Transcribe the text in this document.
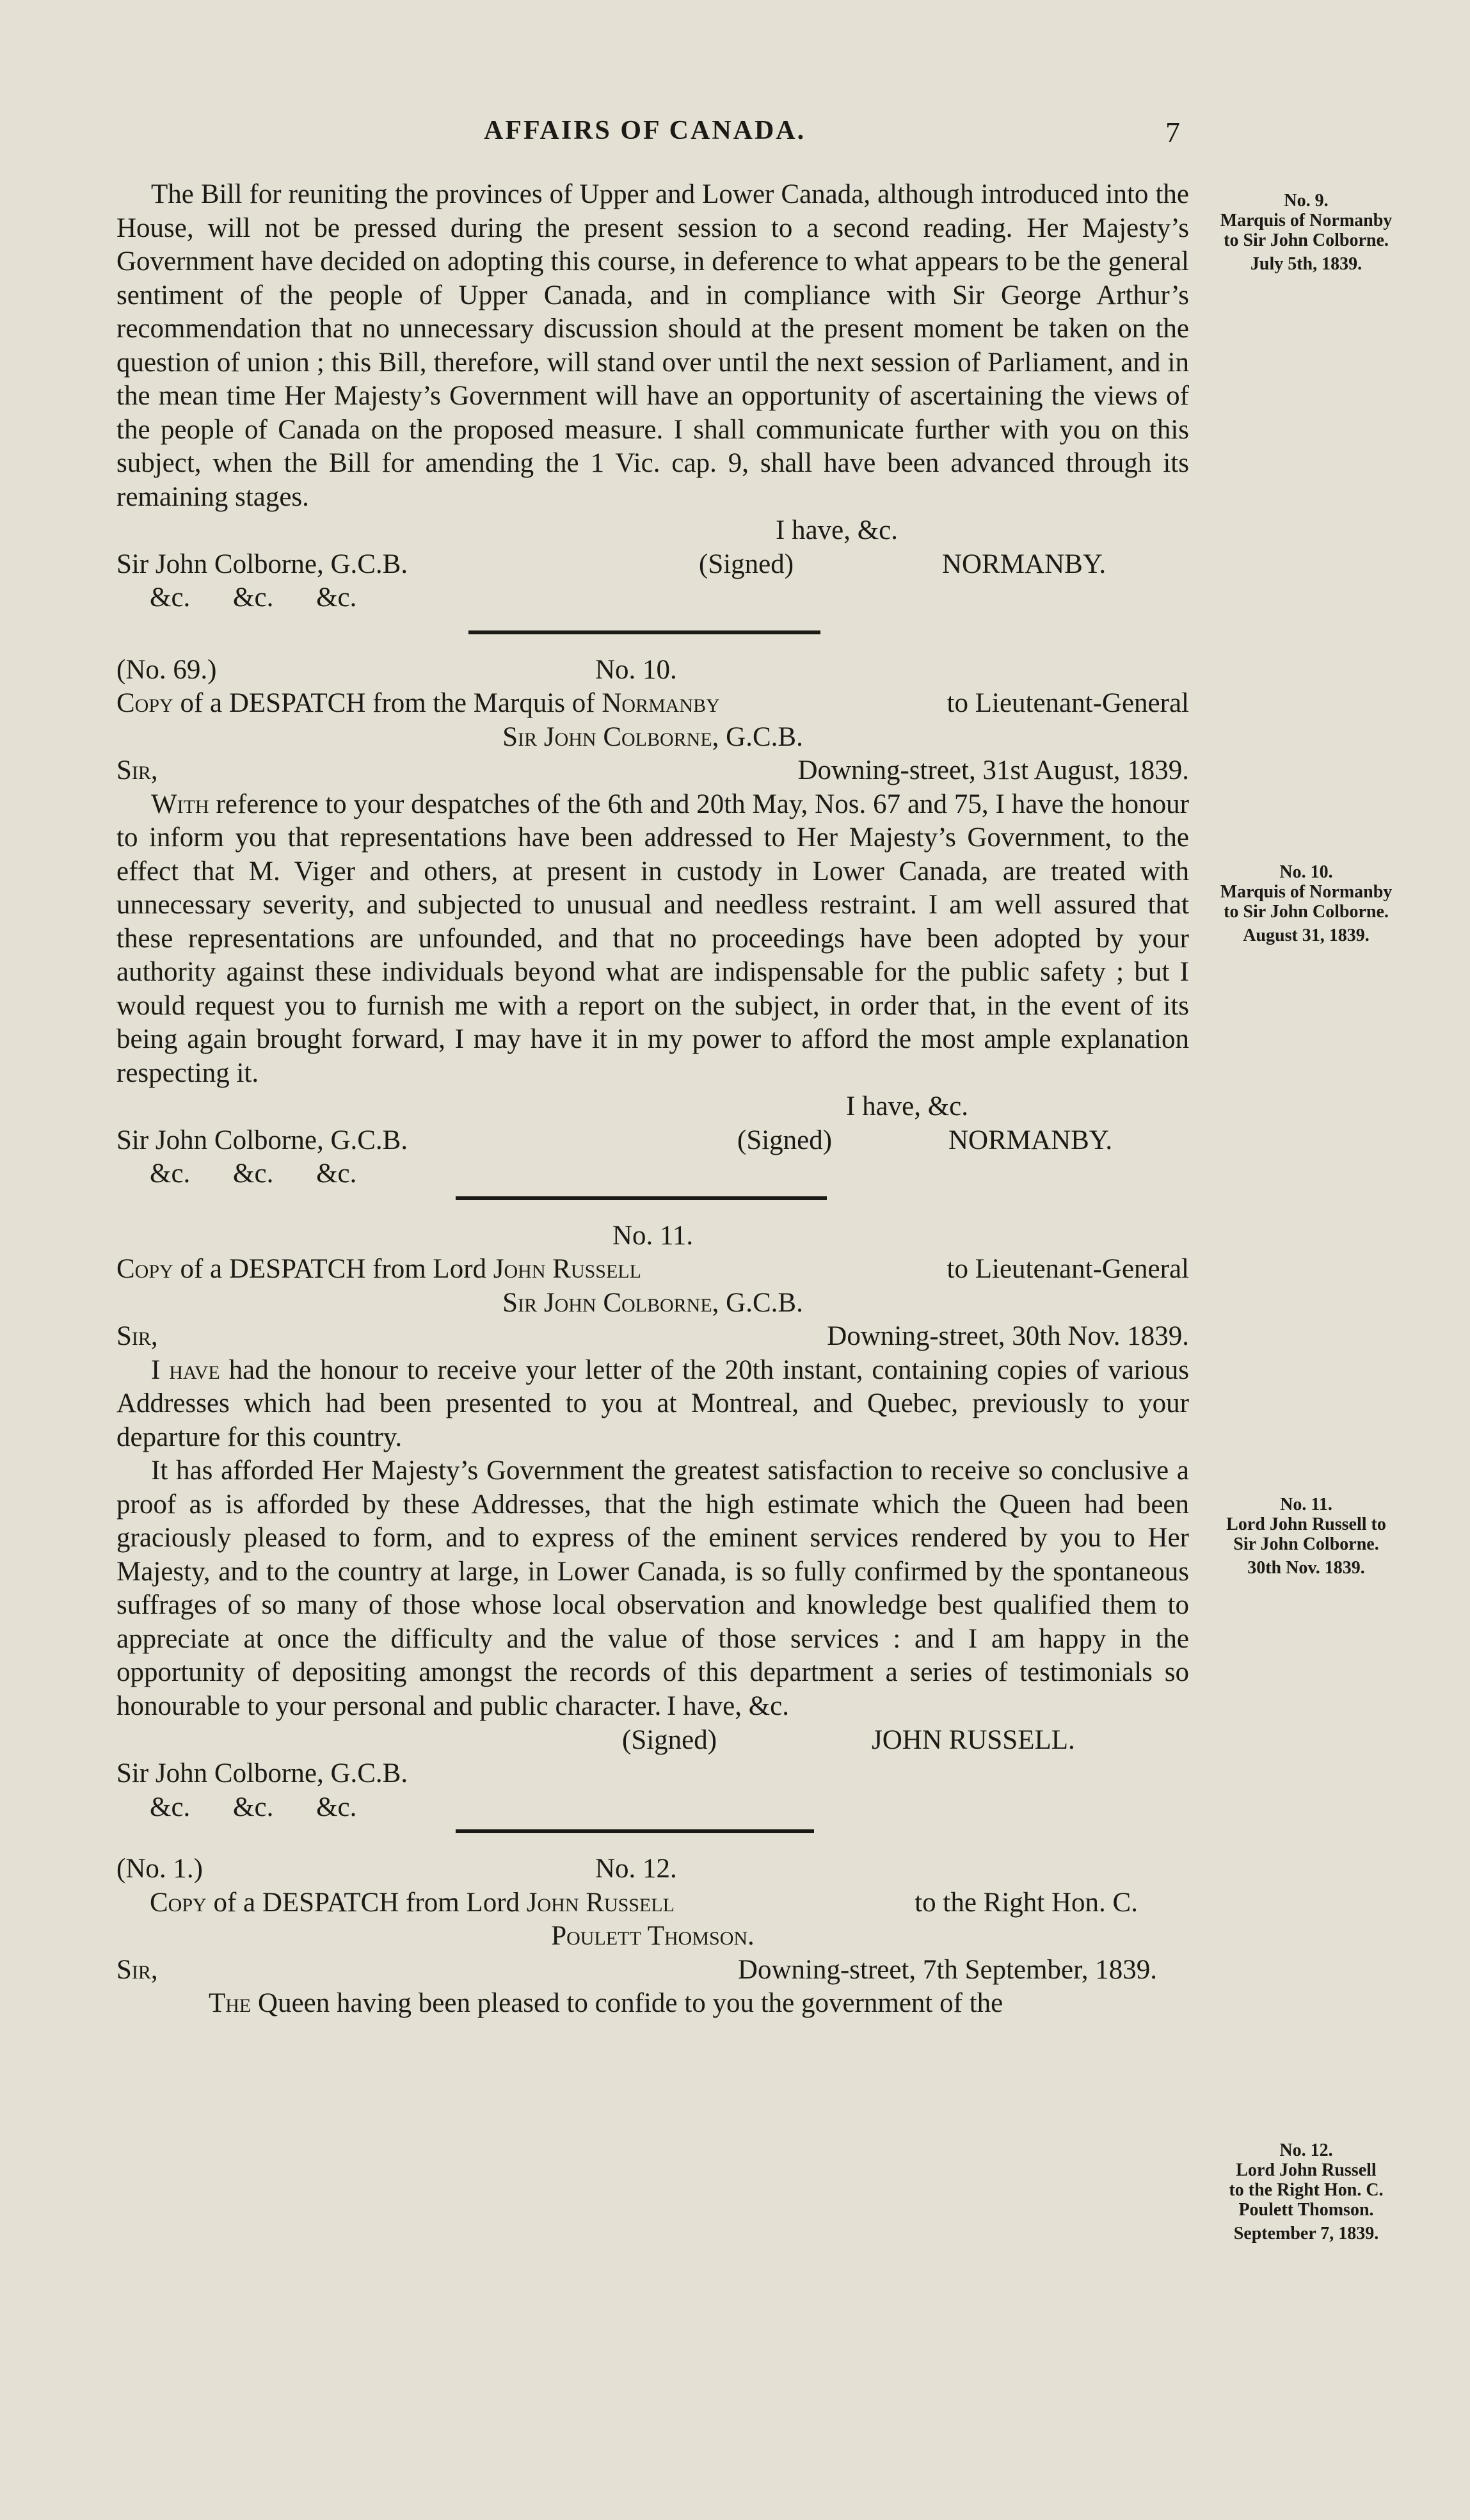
AFFAIRS OF CANADA.	7
No. 9.
Marquis of Normanby
to Sir John Colborne.
July 5th, 1839.
No. 10.
Marquis of Normanby
to Sir John Colborne.
August 31, 1839.
No. 11.
Lord John Russell to
Sir John Colborne.
30th Nov. 1839.
No. 12.
Lord John Russell
to the Right Hon. C.
Poulett Thomson.
September 7, 1839.

The Bill for reuniting the provinces of Upper and Lower Canada, although introduced into the House, will not be pressed during the present session to a second reading. Her Majesty’s Government have decided on adopting this course, in deference to what appears to be the general sentiment of the people of Upper Canada, and in compliance with Sir George Arthur’s recommendation that no unnecessary discussion should at the present moment be taken on the question of union ; this Bill, therefore, will stand over until the next session of Parliament, and in the mean time Her Majesty’s Government will have an opportunity of ascertaining the views of the people of Canada on the proposed measure. I shall communicate further with you on this subject, when the Bill for amending the 1 Vic. cap. 9, shall have been advanced through its remaining stages.

I have, &c.
Sir John Colborne, G.C.B.	(Signed)	NORMANBY.
&c. &c. &c.
(No. 69.)	No. 10.
Copy of a DESPATCH from the Marquis of Normanby	to Lieutenant-General
Sir John Colborne, G.C.B.
Sir,	Downing-street, 31st August, 1839.

With reference to your despatches of the 6th and 20th May, Nos. 67 and 75, I have the honour to inform you that representations have been addressed to Her Majesty’s Government, to the effect that M. Viger and others, at present in custody in Lower Canada, are treated with unnecessary severity, and subjected to unusual and needless restraint. I am well assured that these representations are unfounded, and that no proceedings have been adopted by your authority against these individuals beyond what are indispensable for the public safety ; but I would request you to furnish me with a report on the subject, in order that, in the event of its being again brought forward, I may have it in my power to afford the most ample explanation respecting it.

I have, &c.
Sir John Colborne, G.C.B.	(Signed)	NORMANBY.
&c. &c. &c.
No. 11.
Copy of a DESPATCH from Lord John Russell	to Lieutenant-General
Sir John Colborne, G.C.B.
Sir,	Downing-street, 30th Nov. 1839.

I have had the honour to receive your letter of the 20th instant, containing copies of various Addresses which had been presented to you at Montreal, and Quebec, previously to your departure for this country.

It has afforded Her Majesty’s Government the greatest satisfaction to receive so conclusive a proof as is afforded by these Addresses, that the high estimate which the Queen had been graciously pleased to form, and to express of the eminent services rendered by you to Her Majesty, and to the country at large, in Lower Canada, is so fully confirmed by the spontaneous suffrages of so many of those whose local observation and knowledge best qualified them to appreciate at once the difficulty and the value of those services : and I am happy in the opportunity of depositing amongst the records of this department a series of testimonials so honourable to your personal and public character. I have, &c.
(Signed)	JOHN RUSSELL.
Sir John Colborne, G.C.B.
&c. &c. &c.
(No. 1.)	No. 12.
Copy of a DESPATCH from Lord John Russell	to the Right Hon. C.
Poulett Thomson.
Sir,	Downing-street, 7th September, 1839.

The Queen having been pleased to confide to you the government of the
